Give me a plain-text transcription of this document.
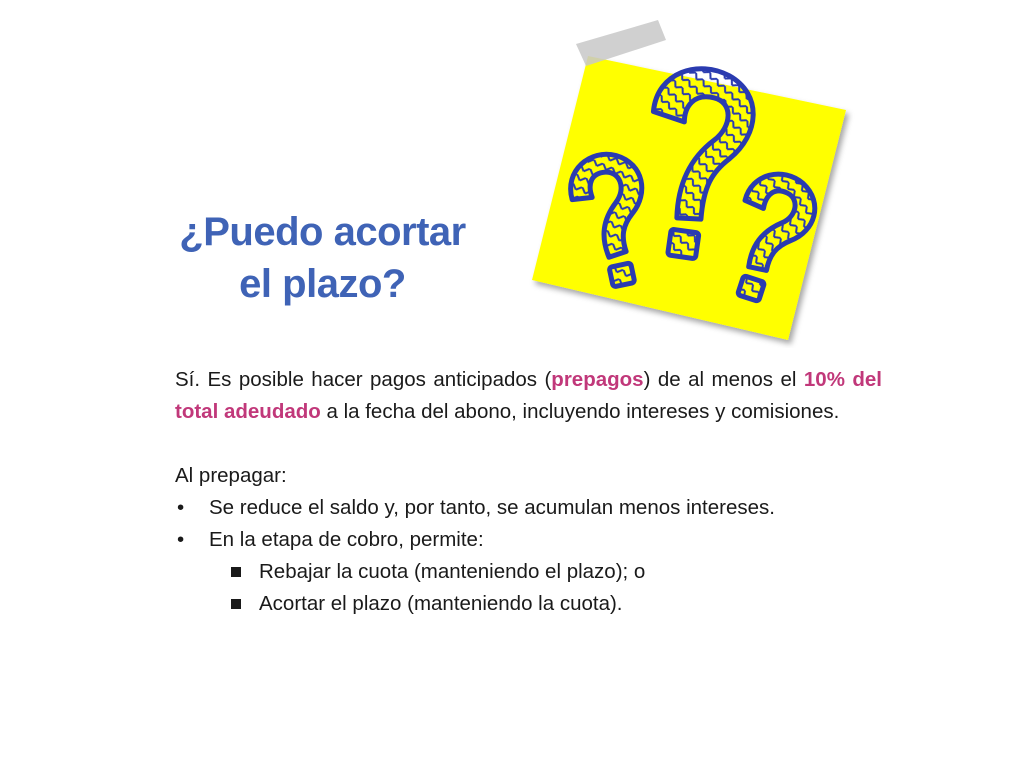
¿Puedo acortar
el plazo?

Sí. Es posible hacer pagos anticipados (prepagos) de al menos el 10% del total adeudado a la fecha del abono, incluyendo intereses y comisiones.

Al prepagar:

• Se reduce el saldo y, por tanto, se acumulan menos intereses.

• En la etapa de cobro, permite:

Rebajar la cuota (manteniendo el plazo); o

Acortar el plazo (manteniendo la cuota).
